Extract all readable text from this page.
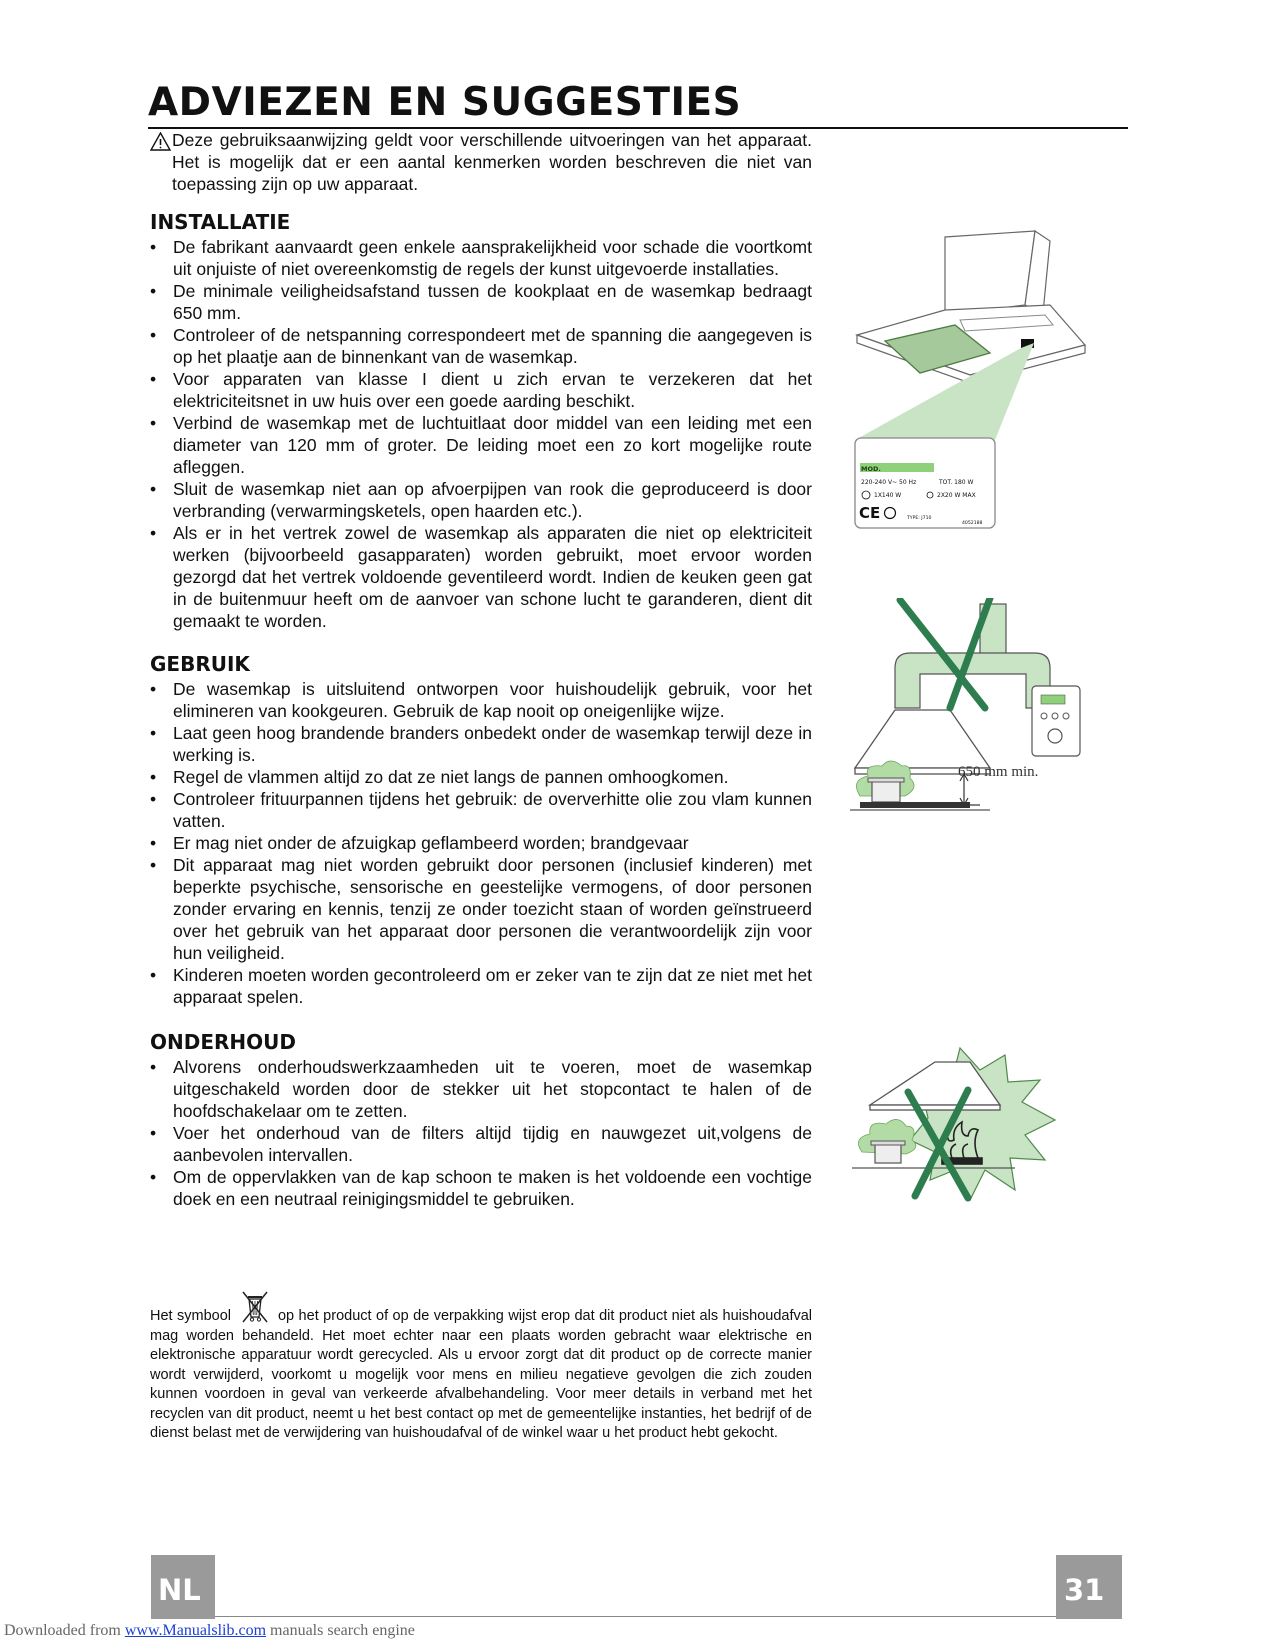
ADVIEZEN EN SUGGESTIES

Deze gebruiksaanwijzing geldt voor verschillende uitvoeringen van het apparaat. Het is mogelijk dat er een aantal kenmerken worden beschreven die niet van toepassing zijn op uw apparaat.

INSTALLATIE
• De fabrikant aanvaardt geen enkele aansprakelijkheid voor schade die voortkomt uit onjuiste of niet overeenkomstig de regels der kunst uitgevoerde installaties.
• De minimale veiligheidsafstand tussen de kookplaat en de wasemkap bedraagt 650 mm.
• Controleer of de netspanning correspondeert met de spanning die aangegeven is op het plaatje aan de binnenkant van de wasemkap.
• Voor apparaten van klasse I dient u zich ervan te verzekeren dat het elektriciteitsnet in uw huis over een goede aarding beschikt.
• Verbind de wasemkap met de luchtuitlaat door middel van een leiding met een diameter van 120 mm of groter. De leiding moet een zo kort mogelijke route afleggen.
• Sluit de wasemkap niet aan op afvoerpijpen van rook die geproduceerd is door verbranding (verwarmingsketels, open haarden etc.).
• Als er in het vertrek zowel de wasemkap als apparaten die niet op elektriciteit werken (bijvoorbeeld gasapparaten) worden gebruikt, moet ervoor worden gezorgd dat het vertrek voldoende geventileerd wordt. Indien de keuken geen gat in de buitenmuur heeft om de aanvoer van schone lucht te garanderen, dient dit gemaakt te worden.
GEBRUIK
• De wasemkap is uitsluitend ontworpen voor huishoudelijk gebruik, voor het elimineren van kookgeuren. Gebruik de kap nooit op oneigenlijke wijze.
• Laat geen hoog brandende branders onbedekt onder de wasemkap terwijl deze in werking is.
• Regel de vlammen altijd zo dat ze niet langs de pannen omhoogkomen.
• Controleer frituurpannen tijdens het gebruik: de oververhitte olie zou vlam kunnen vatten.
• Er mag niet onder de afzuigkap geflambeerd worden; brandgevaar
• Dit apparaat mag niet worden gebruikt door personen (inclusief kinderen) met beperkte psychische, sensorische en geestelijke vermogens, of door personen zonder ervaring en kennis, tenzij ze onder toezicht staan of worden geïnstrueerd over het gebruik van het apparaat door personen die verantwoordelijk zijn voor hun veiligheid.
• Kinderen moeten worden gecontroleerd om er zeker van te zijn dat ze niet met het apparaat spelen.
ONDERHOUD
• Alvorens onderhoudswerkzaamheden uit te voeren, moet de wasemkap uitgeschakeld worden door de stekker uit het stopcontact te halen of de hoofdschakelaar om te zetten.
• Voer het onderhoud van de filters altijd tijdig en nauwgezet uit,volgens de aanbevolen intervallen.
• Om de oppervlakken van de kap schoon te maken is het voldoende een vochtige doek en een neutraal reinigingsmiddel te gebruiken.
Het symbool	op het product of op de verpakking wijst erop dat dit product niet als huishoudafval mag worden behandeld. Het moet echter naar een plaats worden gebracht waar elektrische en elektronische apparatuur wordt gerecycled. Als u ervoor zorgt dat dit product op de correcte manier wordt verwijderd, voorkomt u mogelijk voor mens en milieu negatieve gevolgen die zich zouden kunnen voordoen in geval van verkeerde afvalbehandeling. Voor meer details in verband met het recyclen van dit product, neemt u het best contact op met de gemeentelijke instanties, het bedrijf of de dienst belast met de verwijdering van huishoudafval of de winkel waar u het product hebt gekocht.
MOD.
220-240 V~ 50 Hz	TOT. 180 W
1X140 W	2X20 W MAX
CE	TYPE: J710
4052188
650 mm min.
NL	31
Downloaded from www.Manualslib.com manuals search engine
